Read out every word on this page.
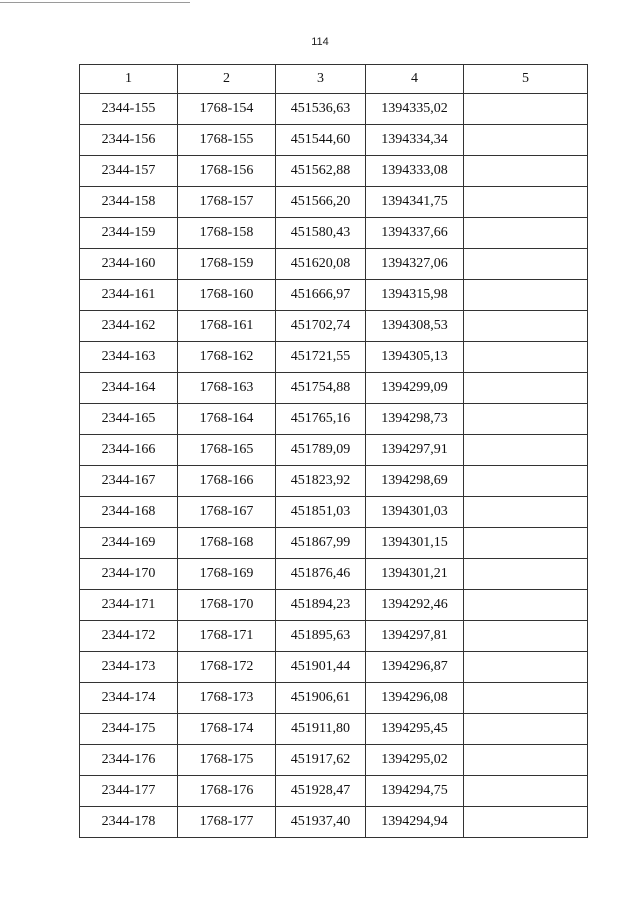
114
1	2	3	4	5
2344-155	1768-154	451536,63	1394335,02	
2344-156	1768-155	451544,60	1394334,34	
2344-157	1768-156	451562,88	1394333,08	
2344-158	1768-157	451566,20	1394341,75	
2344-159	1768-158	451580,43	1394337,66	
2344-160	1768-159	451620,08	1394327,06	
2344-161	1768-160	451666,97	1394315,98	
2344-162	1768-161	451702,74	1394308,53	
2344-163	1768-162	451721,55	1394305,13	
2344-164	1768-163	451754,88	1394299,09	
2344-165	1768-164	451765,16	1394298,73	
2344-166	1768-165	451789,09	1394297,91	
2344-167	1768-166	451823,92	1394298,69	
2344-168	1768-167	451851,03	1394301,03	
2344-169	1768-168	451867,99	1394301,15	
2344-170	1768-169	451876,46	1394301,21	
2344-171	1768-170	451894,23	1394292,46	
2344-172	1768-171	451895,63	1394297,81	
2344-173	1768-172	451901,44	1394296,87	
2344-174	1768-173	451906,61	1394296,08	
2344-175	1768-174	451911,80	1394295,45	
2344-176	1768-175	451917,62	1394295,02	
2344-177	1768-176	451928,47	1394294,75	
2344-178	1768-177	451937,40	1394294,94	
